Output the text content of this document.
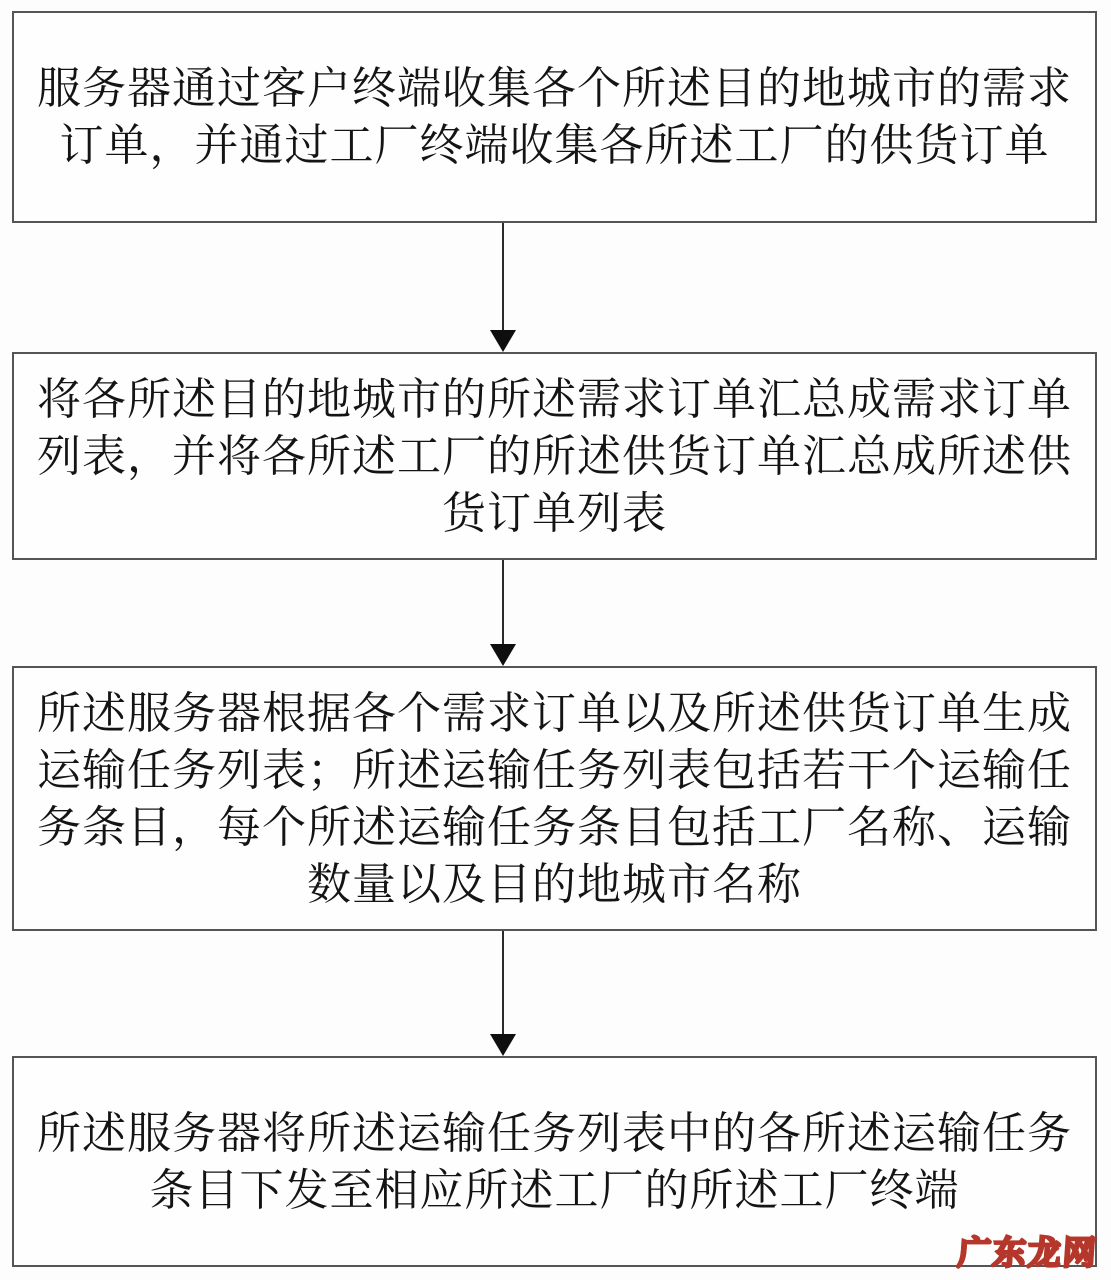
服务器通过客户终端收集各个所述目的地城市的需求
订单，并通过工厂终端收集各所述工厂的供货订单
将各所述目的地城市的所述需求订单汇总成需求订单
列表，并将各所述工厂的所述供货订单汇总成所述供
货订单列表
所述服务器根据各个需求订单以及所述供货订单生成
运输任务列表；所述运输任务列表包括若干个运输任
务条目，每个所述运输任务条目包括工厂名称、运输
数量以及目的地城市名称
所述服务器将所述运输任务列表中的各所述运输任务
条目下发至相应所述工厂的所述工厂终端
广东龙网
